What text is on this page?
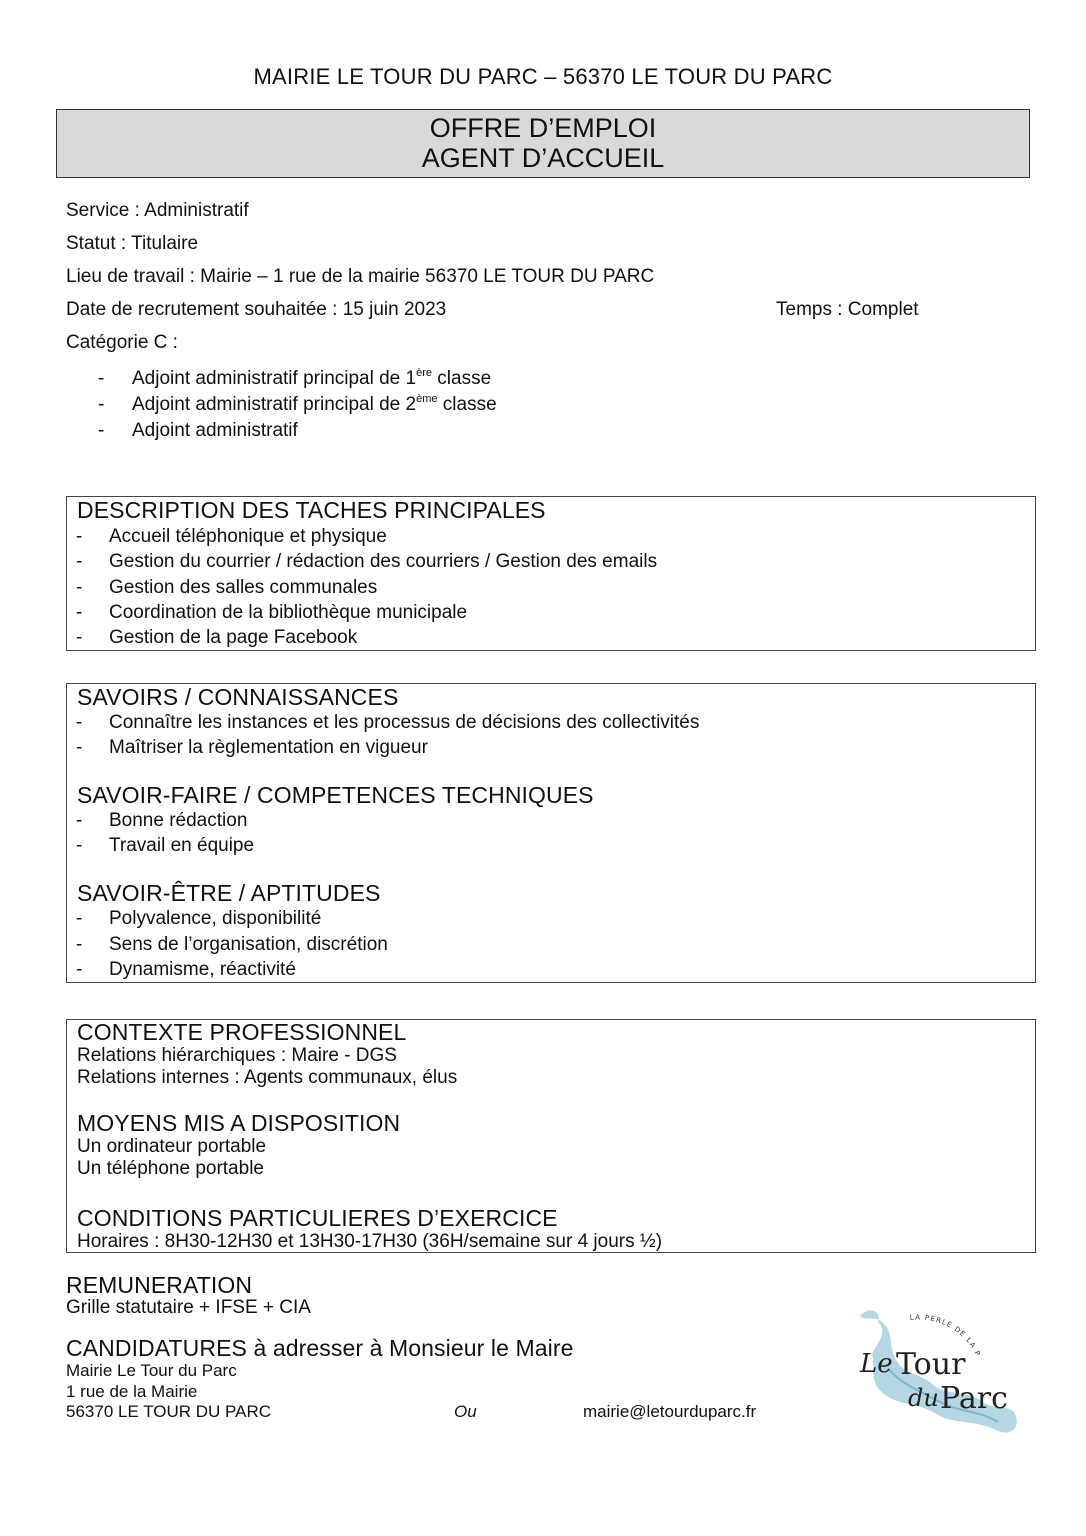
MAIRIE LE TOUR DU PARC – 56370 LE TOUR DU PARC
OFFRE D’EMPLOI
AGENT D’ACCUEIL
Service : Administratif
Statut : Titulaire
Lieu de travail : Mairie – 1 rue de la mairie 56370 LE TOUR DU PARC
Date de recrutement souhaitée : 15 juin 2023	Temps : Complet
Catégorie C :
- Adjoint administratif principal de 1ère classe
- Adjoint administratif principal de 2ème classe
- Adjoint administratif
DESCRIPTION DES TACHES PRINCIPALES
- Accueil téléphonique et physique
- Gestion du courrier / rédaction des courriers / Gestion des emails
- Gestion des salles communales
- Coordination de la bibliothèque municipale
- Gestion de la page Facebook
SAVOIRS / CONNAISSANCES
- Connaître les instances et les processus de décisions des collectivités
- Maîtriser la règlementation en vigueur
SAVOIR-FAIRE / COMPETENCES TECHNIQUES
- Bonne rédaction
- Travail en équipe
SAVOIR-ÊTRE / APTITUDES
- Polyvalence, disponibilité
- Sens de l’organisation, discrétion
- Dynamisme, réactivité
CONTEXTE PROFESSIONNEL
Relations hiérarchiques : Maire - DGS
Relations internes : Agents communaux, élus
MOYENS MIS A DISPOSITION
Un ordinateur portable
Un téléphone portable
CONDITIONS PARTICULIERES D’EXERCICE
Horaires : 8H30-12H30 et 13H30-17H30 (36H/semaine sur 4 jours ½)
REMUNERATION
Grille statutaire + IFSE + CIA
CANDIDATURES à adresser à Monsieur le Maire
Mairie Le Tour du Parc
1 rue de la Mairie
56370 LE TOUR DU PARC	Ou	mairie@letourduparc.fr
LA PERLE DE LA P
Le Tour
du Parc
